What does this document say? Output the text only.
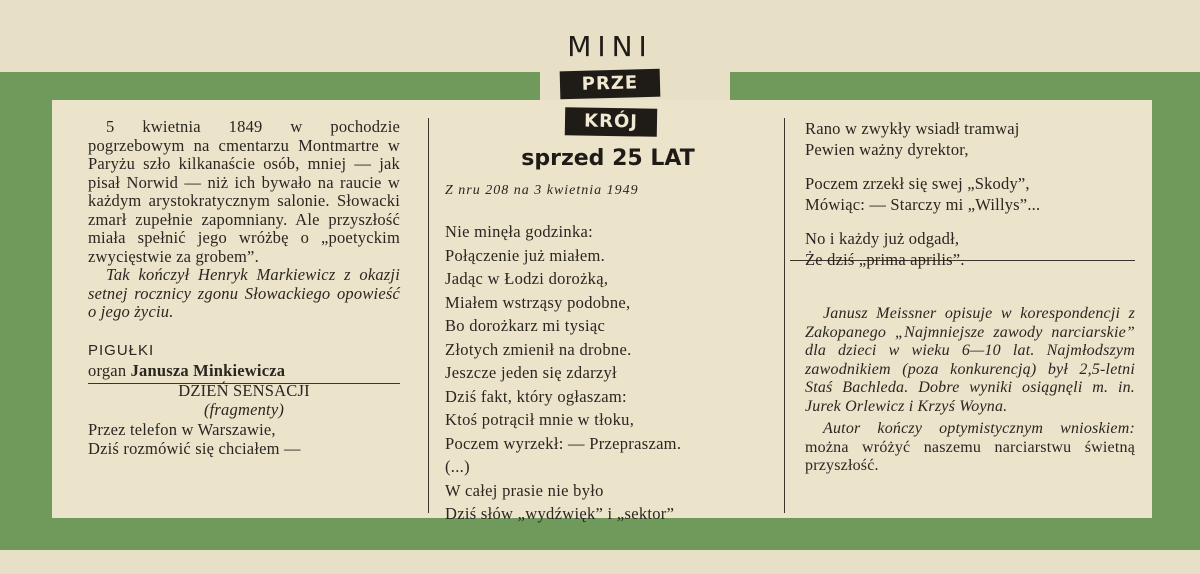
MINI
PRZE
KRÓJ
sprzed 25 LAT
Z nru 208 na 3 kwietnia 1949

5 kwietnia 1849 w pochodzie pogrzebowym na cmentarzu Montmartre w Paryżu szło kilkanaście osób, mniej — jak pisał Norwid — niż ich bywało na raucie w każdym arystokratycznym salonie. Słowacki zmarł zupełnie zapomniany. Ale przyszłość miała spełnić jego wróżbę o „poetyckim zwycięstwie za grobem”.

Tak kończył Henryk Markiewicz z okazji setnej rocznicy zgonu Słowackiego opowieść o jego życiu.

PIGUŁKI

organ Janusza Minkiewicza

DZIEŃ SENSACJI

(fragmenty)

Przez telefon w Warszawie,

Dziś rozmówić się chciałem —

Nie minęła godzinka:

Połączenie już miałem.

Jadąc w Łodzi dorożką,

Miałem wstrząsy podobne,

Bo dorożkarz mi tysiąc

Złotych zmienił na drobne.

Jeszcze jeden się zdarzył

Dziś fakt, który ogłaszam:

Ktoś potrącił mnie w tłoku,

Poczem wyrzekł: — Przepraszam.

(...)

W całej prasie nie było

Dziś słów „wydźwięk” i „sektor”

Rano w zwykły wsiadł tramwaj

Pewien ważny dyrektor,

Poczem zrzekł się swej „Skody”,

Mówiąc: — Starczy mi „Willys”...

No i każdy już odgadł,

Że dziś „prima aprilis”.

Janusz Meissner opisuje w korespondencji z Zakopanego „Najmniejsze zawody narciarskie” dla dzieci w wieku 6—10 lat. Najmłodszym zawodnikiem (poza konkurencją) był 2,5-letni Staś Bachleda. Dobre wyniki osiągnęli m. in. Jurek Orlewicz i Krzyś Woyna.

Autor kończy optymistycznym wnioskiem: można wróżyć naszemu narciarstwu świetną przyszłość.
